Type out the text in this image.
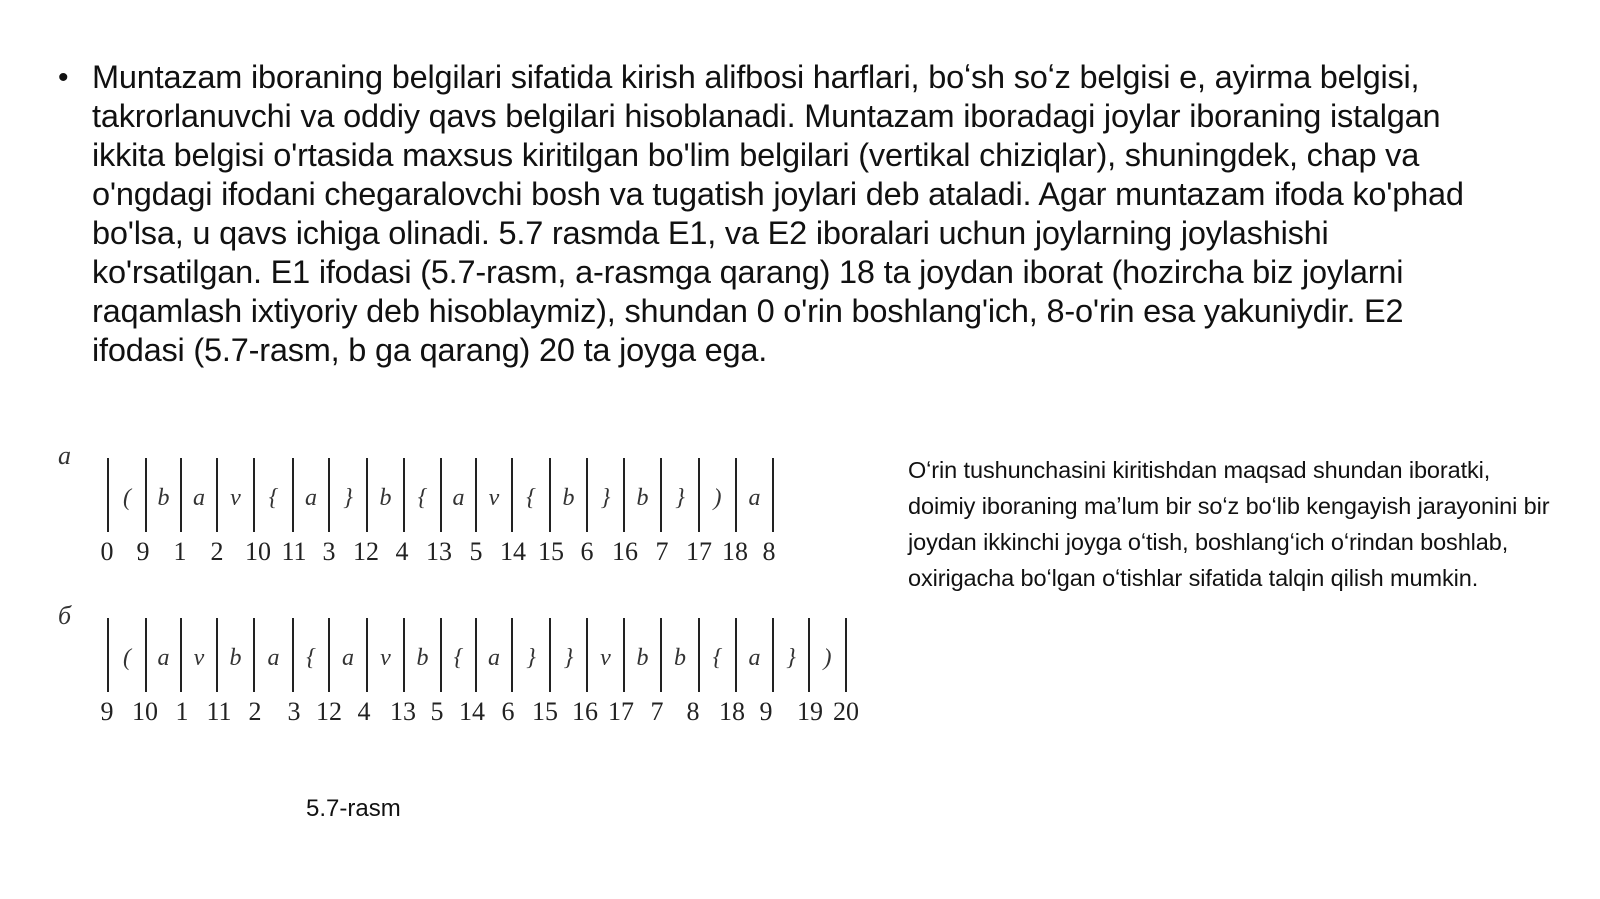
• Muntazam iboraning belgilari sifatida kirish alifbosi harflari, boʻsh soʻz belgisi e, ayirma belgisi, takrorlanuvchi va oddiy qavs belgilari hisoblanadi. Muntazam iboradagi joylar iboraning istalgan ikkita belgisi o'rtasida maxsus kiritilgan bo'lim belgilari (vertikal chiziqlar), shuningdek, chap va o'ngdagi ifodani chegaralovchi bosh va tugatish joylari deb ataladi. Agar muntazam ifoda ko'phad bo'lsa, u qavs ichiga olinadi. 5.7 rasmda E1, va E2 iboralari uchun joylarning joylashishi ko'rsatilgan. E1 ifodasi (5.7-rasm, a-rasmga qarang) 18 ta joydan iborat (hozircha biz joylarni raqamlash ixtiyoriy deb hisoblaymiz), shundan 0 o'rin boshlang'ich, 8-o'rin esa yakuniydir. E2 ifodasi (5.7-rasm, b ga qarang) 20 ta joyga ega.
a
( b a v { a } b { a v { b } b } ) a
0 9 1 2 10 11 3 12 4 13 5 14 15 6 16 7 17 18 8
б
( a v b a { a v b { a } } v b b { a } )
9 10 1 11 2 3 12 4 13 5 14 6 15 16 17 7 8 18 9 19 20
5.7-rasm
Oʻrin tushunchasini kiritishdan maqsad shundan iboratki, doimiy iboraning maʼlum bir soʻz boʻlib kengayish jarayonini bir joydan ikkinchi joyga oʻtish, boshlangʻich oʻrindan boshlab, oxirigacha boʻlgan oʻtishlar sifatida talqin qilish mumkin.
